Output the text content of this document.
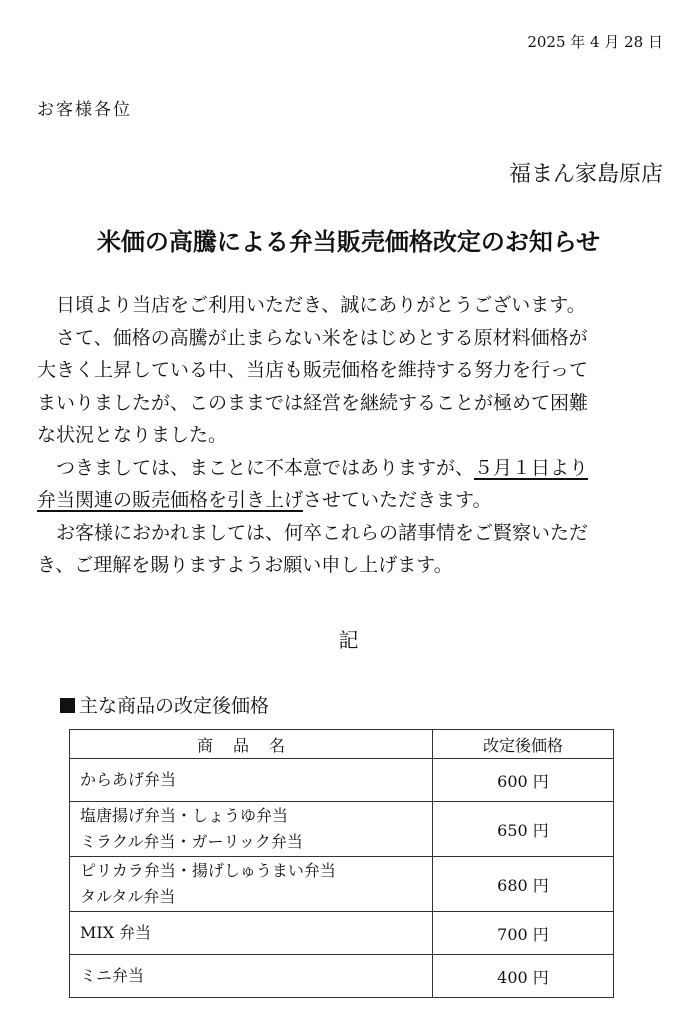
2025 年 4 月 28 日
お客様各位
福まん家島原店
米価の高騰による弁当販売価格改定のお知らせ
　日頃より当店をご利用いただき、誠にありがとうございます。
　さて、価格の高騰が止まらない米をはじめとする原材料価格が
大きく上昇している中、当店も販売価格を維持する努力を行って
まいりましたが、このままでは経営を継続することが極めて困難
な状況となりました。
　つきましては、まことに不本意ではありますが、５月１日より
弁当関連の販売価格を引き上げさせていただきます。
　お客様におかれましては、何卒これらの諸事情をご賢察いただ
き、ご理解を賜りますようお願い申し上げます。
記
主な商品の改定後価格
商品名	改定後価格
からあげ弁当	600 円
塩唐揚げ弁当・しょうゆ弁当
ミラクル弁当・ガーリック弁当	650 円
ピリカラ弁当・揚げしゅうまい弁当
タルタル弁当	680 円
MIX 弁当	700 円
ミニ弁当	400 円
